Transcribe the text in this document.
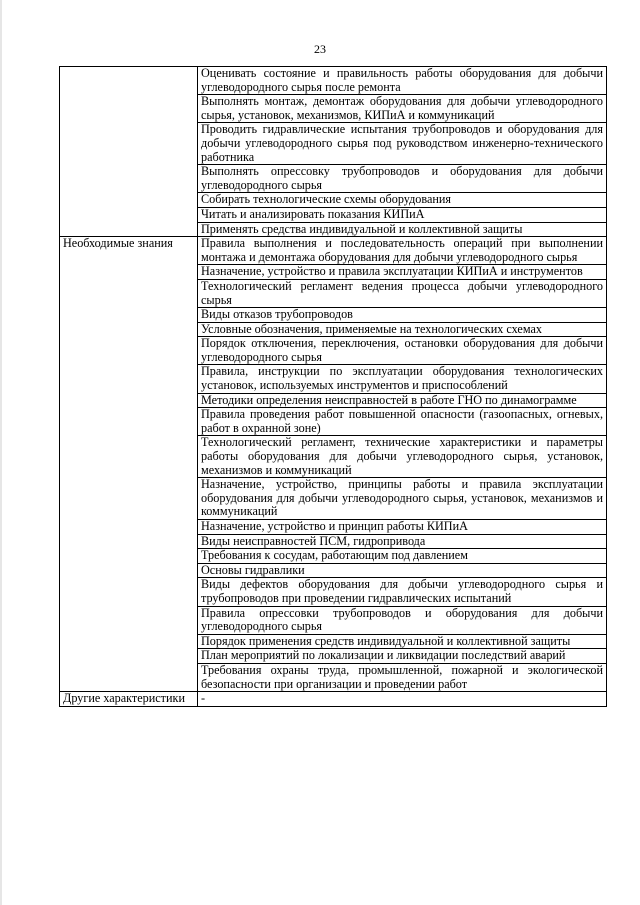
23
	Оценивать состояние и правильность работы оборудования для добычи углеводородного сырья после ремонта
	Выполнять монтаж, демонтаж оборудования для добычи углеводородного сырья, установок, механизмов, КИПиА и коммуникаций
	Проводить гидравлические испытания трубопроводов и оборудования для добычи углеводородного сырья под руководством инженерно-технического работника
	Выполнять опрессовку трубопроводов и оборудования для добычи углеводородного сырья
	Собирать технологические схемы оборудования
	Читать и анализировать показания КИПиА
	Применять средства индивидуальной и коллективной защиты
Необходимые знания	Правила выполнения и последовательность операций при выполнении монтажа и демонтажа оборудования для добычи углеводородного сырья
	Назначение, устройство и правила эксплуатации КИПиА и инструментов
	Технологический регламент ведения процесса добычи углеводородного сырья
	Виды отказов трубопроводов
	Условные обозначения, применяемые на технологических схемах
	Порядок отключения, переключения, остановки оборудования для добычи углеводородного сырья
	Правила, инструкции по эксплуатации оборудования технологических установок, используемых инструментов и приспособлений
	Методики определения неисправностей в работе ГНО по динамограмме
	Правила проведения работ повышенной опасности (газоопасных, огневых, работ в охранной зоне)
	Технологический регламент, технические характеристики и параметры работы оборудования для добычи углеводородного сырья, установок, механизмов и коммуникаций
	Назначение, устройство, принципы работы и правила эксплуатации оборудования для добычи углеводородного сырья, установок, механизмов и коммуникаций
	Назначение, устройство и принцип работы КИПиА
	Виды неисправностей ПСМ, гидропривода
	Требования к сосудам, работающим под давлением
	Основы гидравлики
	Виды дефектов оборудования для добычи углеводородного сырья и трубопроводов при проведении гидравлических испытаний
	Правила опрессовки трубопроводов и оборудования для добычи углеводородного сырья
	Порядок применения средств индивидуальной и коллективной защиты
	План мероприятий по локализации и ликвидации последствий аварий
	Требования охраны труда, промышленной, пожарной и экологической безопасности при организации и проведении работ
Другие характеристики	-
